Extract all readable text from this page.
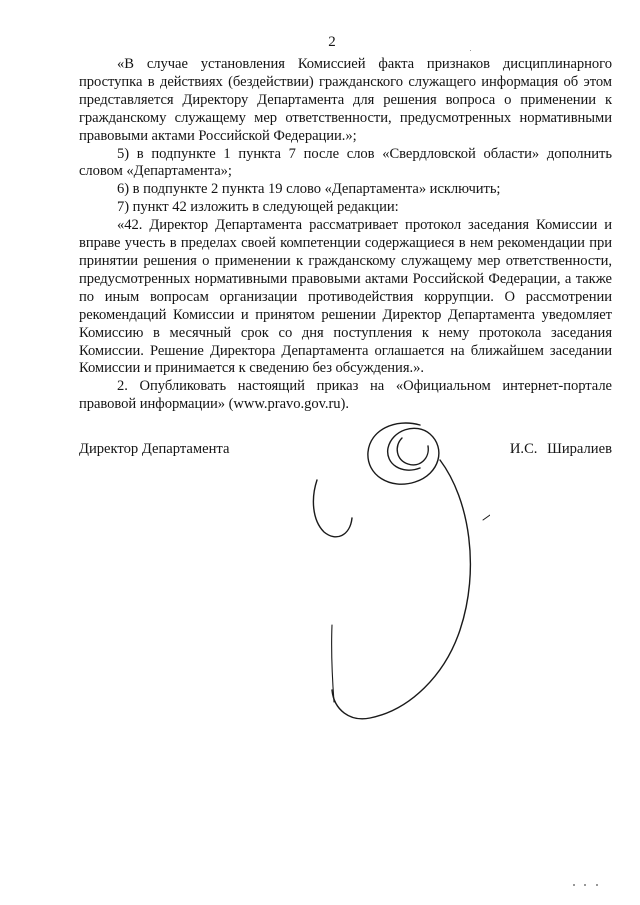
2

«В случае установления Комиссией факта признаков дисциплинарного проступка в действиях (бездействии) гражданского служащего информация об этом представляется Директору Департамента для решения вопроса о применении к гражданскому служащему мер ответственности, предусмотренных нормативными правовыми актами Российской Федерации.»;

5) в подпункте 1 пункта 7 после слов «Свердловской области» дополнить словом «Департамента»;

6) в подпункте 2 пункта 19 слово «Департамента» исключить;

7) пункт 42 изложить в следующей редакции:

«42. Директор Департамента рассматривает протокол заседания Комиссии и вправе учесть в пределах своей компетенции содержащиеся в нем рекомендации при принятии решения о применении к гражданскому служащему мер ответственности, предусмотренных нормативными правовыми актами Российской Федерации, а также по иным вопросам организации противодействия коррупции. О рассмотрении рекомендаций Комиссии и принятом решении Директор Департамента уведомляет Комиссию в месячный срок со дня поступления к нему протокола заседания Комиссии. Решение Директора Департамента оглашается на ближайшем заседании Комиссии и принимается к сведению без обсуждения.».

2. Опубликовать настоящий приказ на «Официальном интернет-портале правовой информации» (www.pravo.gov.ru).

Директор Департамента	И.С. Ширалиев
